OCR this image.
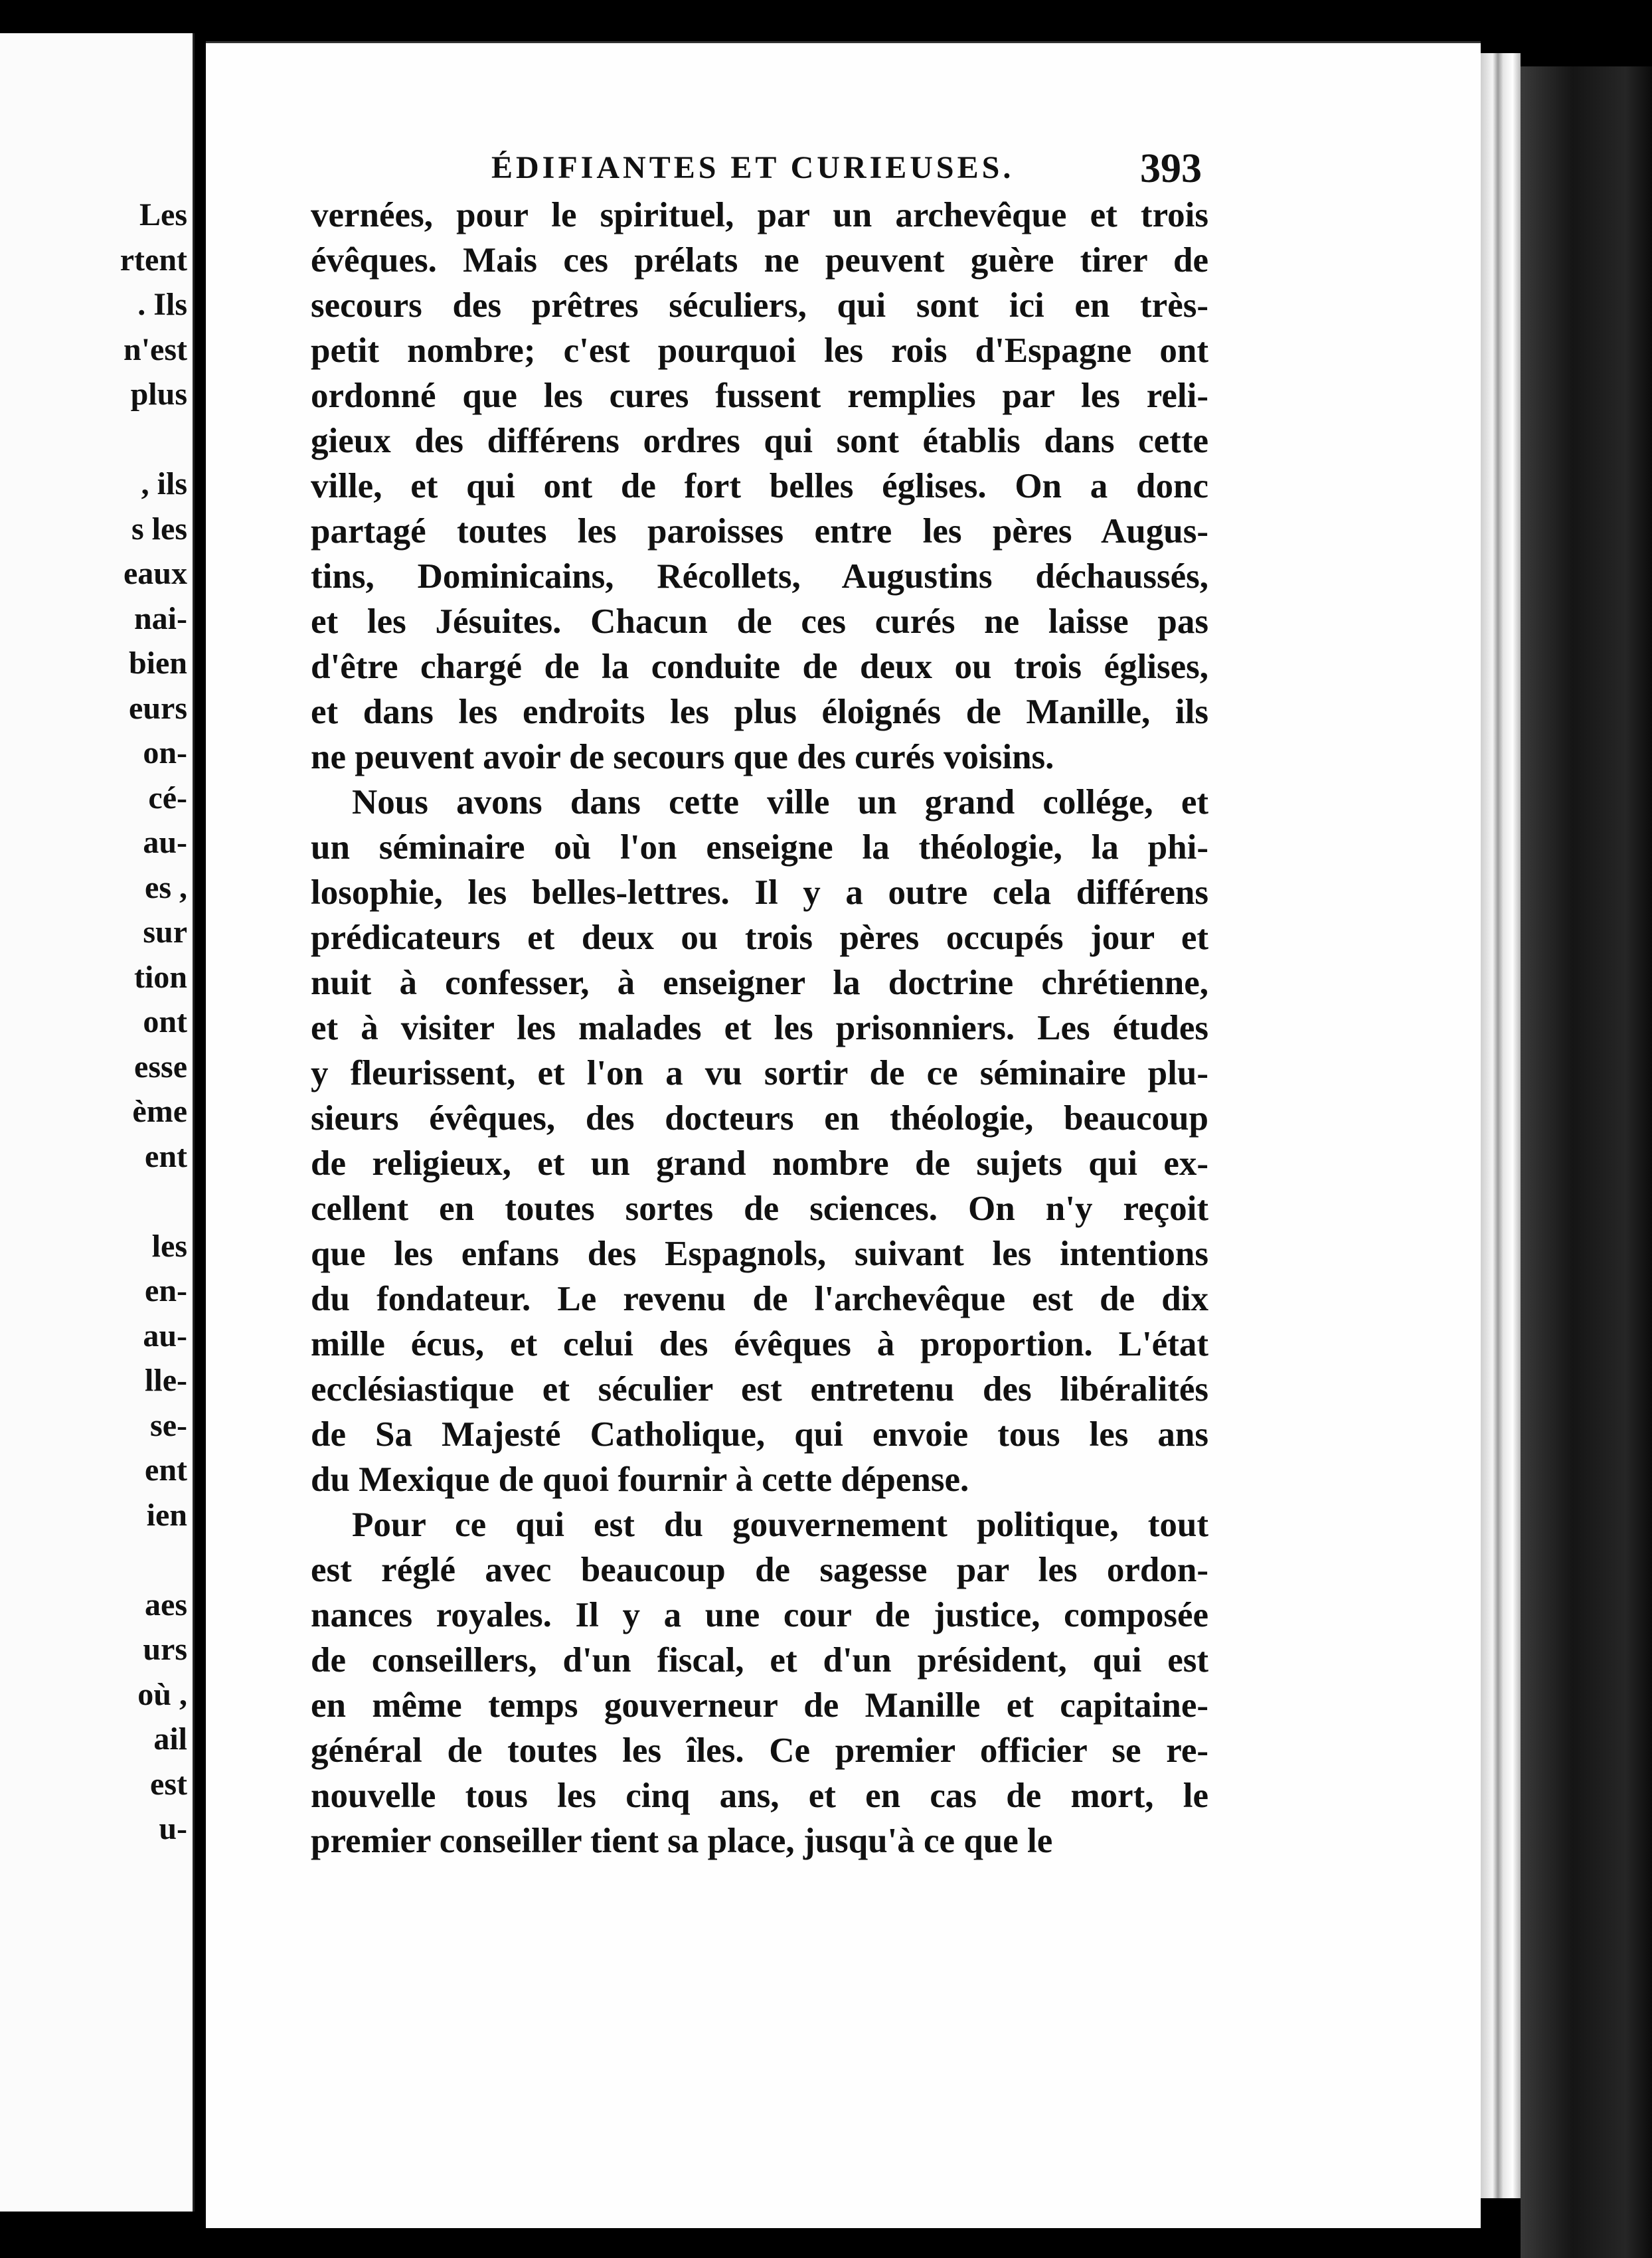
Les
rtent
. Ils
n'est
plus
, ils
s les
eaux
nai-
bien
eurs
on-
cé-
au-
es ,
sur
tion
ont
esse
ème
ent
les
en-
au-
lle-
se-
ent
ien
aes
urs
où ,
ail
est
u-
ÉDIFIANTES ET CURIEUSES.	393
vernées, pour le spirituel, par un archevêque et trois
évêques. Mais ces prélats ne peuvent guère tirer de
secours des prêtres séculiers, qui sont ici en très-
petit nombre; c'est pourquoi les rois d'Espagne ont
ordonné que les cures fussent remplies par les reli-
gieux des différens ordres qui sont établis dans cette
ville, et qui ont de fort belles églises. On a donc
partagé toutes les paroisses entre les pères Augus-
tins, Dominicains, Récollets, Augustins déchaussés,
et les Jésuites. Chacun de ces curés ne laisse pas
d'être chargé de la conduite de deux ou trois églises,
et dans les endroits les plus éloignés de Manille, ils
ne peuvent avoir de secours que des curés voisins.
Nous avons dans cette ville un grand collége, et
un séminaire où l'on enseigne la théologie, la phi-
losophie, les belles-lettres. Il y a outre cela différens
prédicateurs et deux ou trois pères occupés jour et
nuit à confesser, à enseigner la doctrine chrétienne,
et à visiter les malades et les prisonniers. Les études
y fleurissent, et l'on a vu sortir de ce séminaire plu-
sieurs évêques, des docteurs en théologie, beaucoup
de religieux, et un grand nombre de sujets qui ex-
cellent en toutes sortes de sciences. On n'y reçoit
que les enfans des Espagnols, suivant les intentions
du fondateur. Le revenu de l'archevêque est de dix
mille écus, et celui des évêques à proportion. L'état
ecclésiastique et séculier est entretenu des libéralités
de Sa Majesté Catholique, qui envoie tous les ans
du Mexique de quoi fournir à cette dépense.
Pour ce qui est du gouvernement politique, tout
est réglé avec beaucoup de sagesse par les ordon-
nances royales. Il y a une cour de justice, composée
de conseillers, d'un fiscal, et d'un président, qui est
en même temps gouverneur de Manille et capitaine-
général de toutes les îles. Ce premier officier se re-
nouvelle tous les cinq ans, et en cas de mort, le
premier conseiller tient sa place, jusqu'à ce que le
